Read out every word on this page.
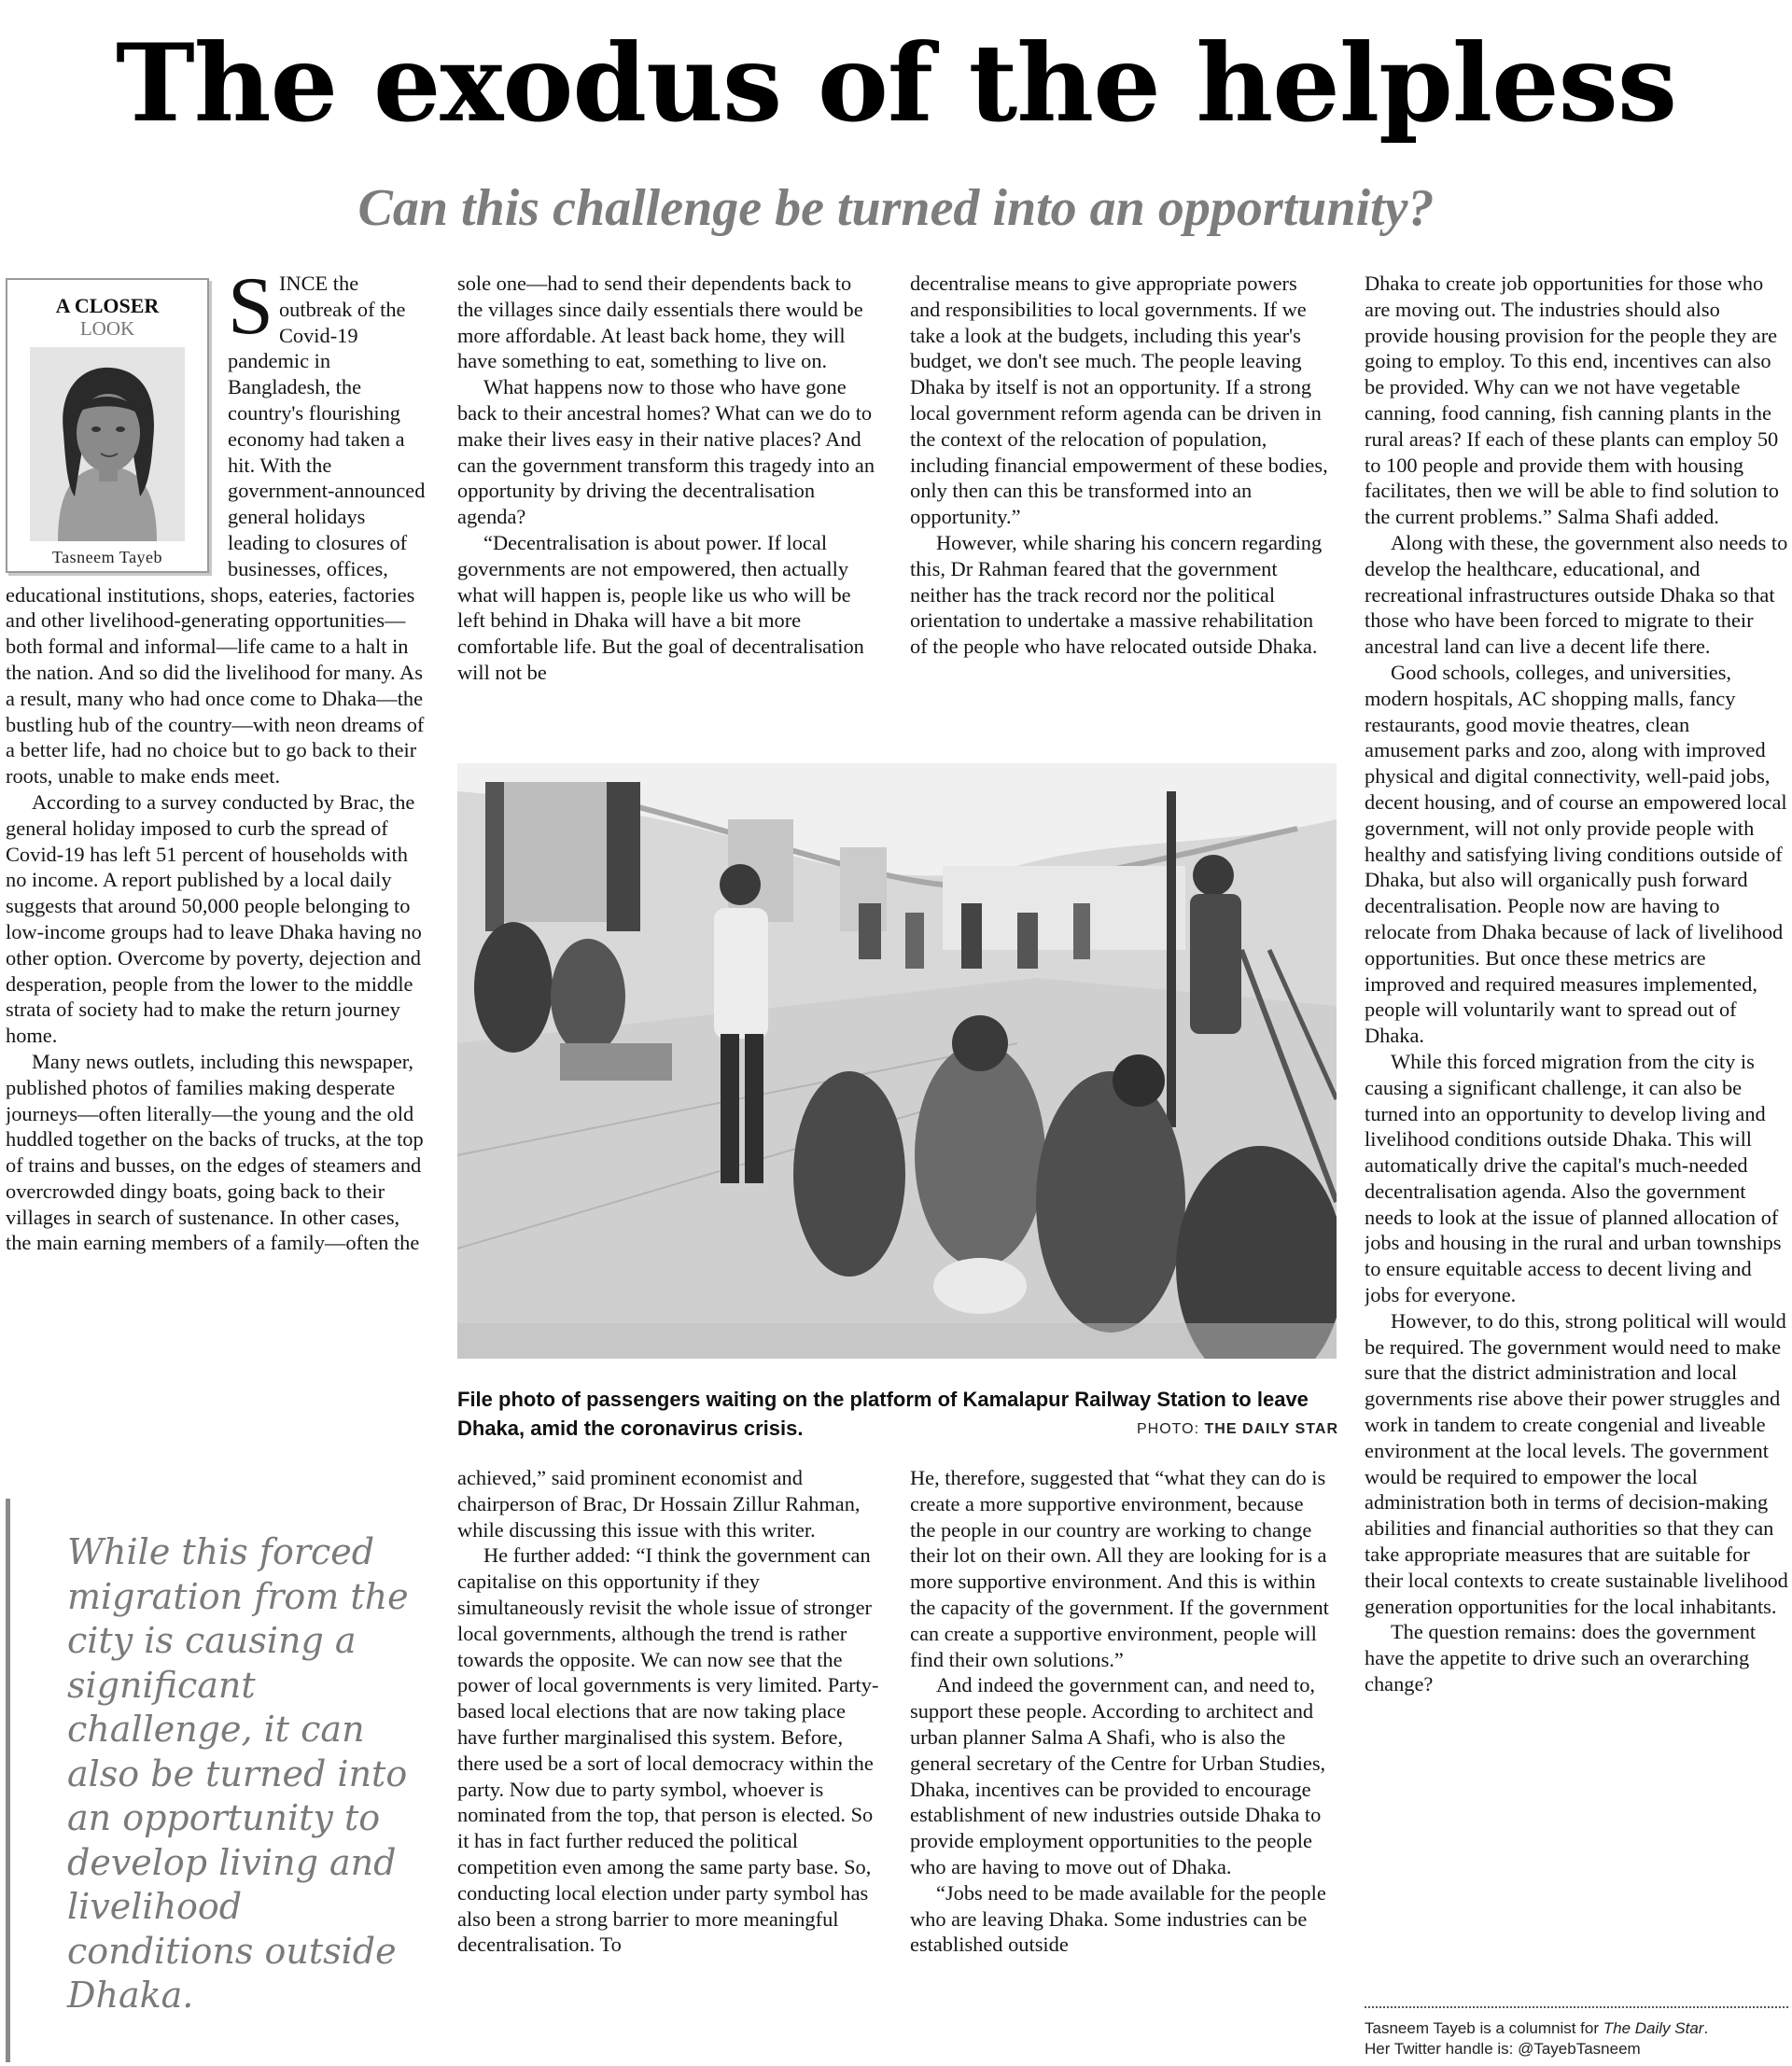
The exodus of the helpless
Can this challenge be turned into an opportunity?
A CLOSER
LOOK
Tasneem Tayeb

SINCE the outbreak of the Covid-19 pandemic in Bangladesh, the country's flourishing economy had taken a hit. With the government-announced general holidays leading to closures of businesses, offices, educational institutions, shops, eateries, factories and other livelihood-generating opportunities—both formal and informal—life came to a halt in the nation. And so did the livelihood for many. As a result, many who had once come to Dhaka—the bustling hub of the country—with neon dreams of a better life, had no choice but to go back to their roots, unable to make ends meet.

According to a survey conducted by Brac, the general holiday imposed to curb the spread of Covid-19 has left 51 percent of households with no income. A report published by a local daily suggests that around 50,000 people belonging to low-income groups had to leave Dhaka having no other option. Overcome by poverty, dejection and desperation, people from the lower to the middle strata of society had to make the return journey home.

Many news outlets, including this newspaper, published photos of families making desperate journeys—often literally—the young and the old huddled together on the backs of trucks, at the top of trains and busses, on the edges of steamers and overcrowded dingy boats, going back to their villages in search of sustenance. In other cases, the main earning members of a family—often the

sole one—had to send their dependents back to the villages since daily essentials there would be more affordable. At least back home, they will have something to eat, something to live on.

What happens now to those who have gone back to their ancestral homes? What can we do to make their lives easy in their native places? And can the government transform this tragedy into an opportunity by driving the decentralisation agenda?

“Decentralisation is about power. If local governments are not empowered, then actually what will happen is, people like us who will be left behind in Dhaka will have a bit more comfortable life. But the goal of decentralisation will not be

decentralise means to give appropriate powers and responsibilities to local governments. If we take a look at the budgets, including this year's budget, we don't see much. The people leaving Dhaka by itself is not an opportunity. If a strong local government reform agenda can be driven in the context of the relocation of population, including financial empowerment of these bodies, only then can this be transformed into an opportunity.”

However, while sharing his concern regarding this, Dr Rahman feared that the government neither has the track record nor the political orientation to undertake a massive rehabilitation of the people who have relocated outside Dhaka.

Dhaka to create job opportunities for those who are moving out. The industries should also provide housing provision for the people they are going to employ. To this end, incentives can also be provided. Why can we not have vegetable canning, food canning, fish canning plants in the rural areas? If each of these plants can employ 50 to 100 people and provide them with housing facilitates, then we will be able to find solution to the current problems.” Salma Shafi added.

Along with these, the government also needs to develop the healthcare, educational, and recreational infrastructures outside Dhaka so that those who have been forced to migrate to their ancestral land can live a decent life there.

Good schools, colleges, and universities, modern hospitals, AC shopping malls, fancy restaurants, good movie theatres, clean amusement parks and zoo, along with improved physical and digital connectivity, well-paid jobs, decent housing, and of course an empowered local government, will not only provide people with healthy and satisfying living conditions outside of Dhaka, but also will organically push forward decentralisation. People now are having to relocate from Dhaka because of lack of livelihood opportunities. But once these metrics are improved and required measures implemented, people will voluntarily want to spread out of Dhaka.

While this forced migration from the city is causing a significant challenge, it can also be turned into an opportunity to develop living and livelihood conditions outside Dhaka. This will automatically drive the capital's much-needed decentralisation agenda. Also the government needs to look at the issue of planned allocation of jobs and housing in the rural and urban townships to ensure equitable access to decent living and jobs for everyone.

However, to do this, strong political will would be required. The government would need to make sure that the district administration and local governments rise above their power struggles and work in tandem to create congenial and liveable environment at the local levels. The government would be required to empower the local administration both in terms of decision-making abilities and financial authorities so that they can take appropriate measures that are suitable for their local contexts to create sustainable livelihood generation opportunities for the local inhabitants.

The question remains: does the government have the appetite to drive such an overarching change?

File photo of passengers waiting on the platform of Kamalapur Railway Station to leave Dhaka, amid the coronavirus crisis.	PHOTO: THE DAILY STAR

While this forced migration from the city is causing a significant challenge, it can also be turned into an opportunity to develop living and livelihood conditions outside Dhaka.

achieved,” said prominent economist and chairperson of Brac, Dr Hossain Zillur Rahman, while discussing this issue with this writer.

He further added: “I think the government can capitalise on this opportunity if they simultaneously revisit the whole issue of stronger local governments, although the trend is rather towards the opposite. We can now see that the power of local governments is very limited. Party-based local elections that are now taking place have further marginalised this system. Before, there used be a sort of local democracy within the party. Now due to party symbol, whoever is nominated from the top, that person is elected. So it has in fact further reduced the political competition even among the same party base. So, conducting local election under party symbol has also been a strong barrier to more meaningful decentralisation. To

He, therefore, suggested that “what they can do is create a more supportive environment, because the people in our country are working to change their lot on their own. All they are looking for is a more supportive environment. And this is within the capacity of the government. If the government can create a supportive environment, people will find their own solutions.”

And indeed the government can, and need to, support these people. According to architect and urban planner Salma A Shafi, who is also the general secretary of the Centre for Urban Studies, Dhaka, incentives can be provided to encourage establishment of new industries outside Dhaka to provide employment opportunities to the people who are having to move out of Dhaka.

“Jobs need to be made available for the people who are leaving Dhaka. Some industries can be established outside

Tasneem Tayeb is a columnist for The Daily Star.
Her Twitter handle is: @TayebTasneem
